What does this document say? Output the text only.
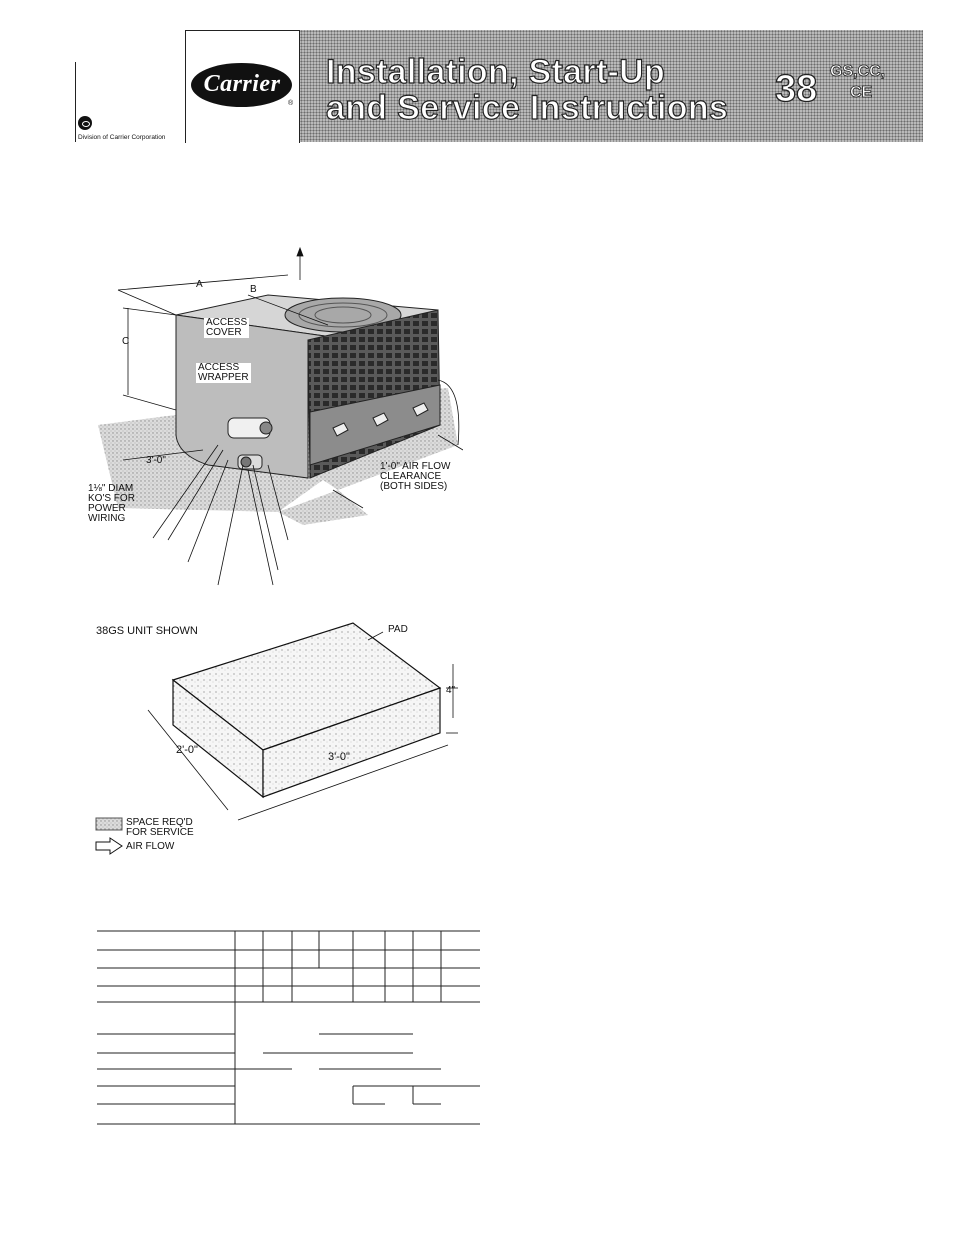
Division of Carrier Corporation
Carrier
®
Installation, Start-Up
and Service Instructions 38 GS,CC,
CE
A	B
C
ACCESS
COVER
ACCESS
WRAPPER
3'-0"
1⅛" DIAM
KO'S FOR
POWER
WIRING
1'-0" AIR FLOW
CLEARANCE
(BOTH SIDES)
38GS UNIT SHOWN	PAD
4"
2'-0"
3'-0"
SPACE REQ'D
FOR SERVICE
AIR FLOW
